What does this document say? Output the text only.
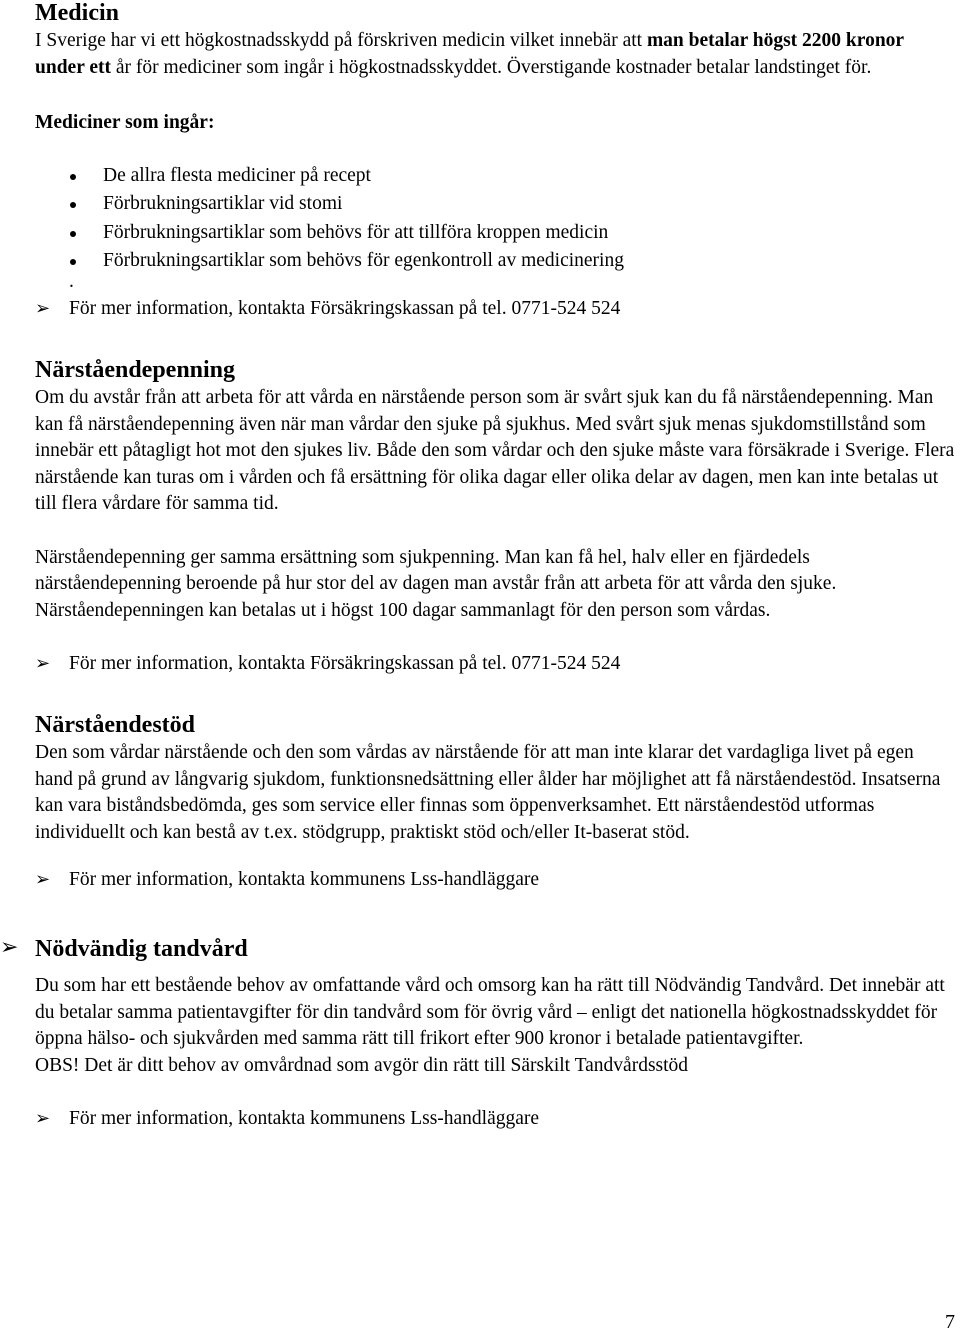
Medicin

I Sverige har vi ett högkostnadsskydd på förskriven medicin vilket innebär att man betalar högst 2200 kronor under ett år för mediciner som ingår i högkostnadsskyddet. Överstigande kostnader betalar landstinget för.

Mediciner som ingår:
De allra flesta mediciner på recept
Förbrukningsartiklar vid stomi
Förbrukningsartiklar som behövs för att tillföra kroppen medicin
Förbrukningsartiklar som behövs för egenkontroll av medicinering
.
➢ För mer information, kontakta Försäkringskassan på tel. 0771-524 524
Närståendepenning

Om du avstår från att arbeta för att vårda en närstående person som är svårt sjuk kan du få närståendepenning. Man kan få närståendepenning även när man vårdar den sjuke på sjukhus. Med svårt sjuk menas sjukdomstillstånd som innebär ett påtagligt hot mot den sjukes liv. Både den som vårdar och den sjuke måste vara försäkrade i Sverige. Flera närstående kan turas om i vården och få ersättning för olika dagar eller olika delar av dagen, men kan inte betalas ut till flera vårdare för samma tid.

Närståendepenning ger samma ersättning som sjukpenning. Man kan få hel, halv eller en fjärdedels närståendepenning beroende på hur stor del av dagen man avstår från att arbeta för att vårda den sjuke. Närståendepenningen kan betalas ut i högst 100 dagar sammanlagt för den person som vårdas.

➢ För mer information, kontakta Försäkringskassan på tel. 0771-524 524
Närståendestöd

Den som vårdar närstående och den som vårdas av närstående för att man inte klarar det vardagliga livet på egen hand på grund av långvarig sjukdom, funktionsnedsättning eller ålder har möjlighet att få närståendestöd. Insatserna kan vara biståndsbedömda, ges som service eller finnas som öppenverksamhet. Ett närståendestöd utformas individuellt och kan bestå av t.ex. stödgrupp, praktiskt stöd och/eller It-baserat stöd.

➢ För mer information, kontakta kommunens Lss-handläggare
➢ Nödvändig tandvård

Du som har ett bestående behov av omfattande vård och omsorg kan ha rätt till Nödvändig Tandvård. Det innebär att du betalar samma patientavgifter för din tandvård som för övrig vård – enligt det nationella högkostnadsskyddet för öppna hälso- och sjukvården med samma rätt till frikort efter 900 kronor i betalade patientavgifter.

OBS! Det är ditt behov av omvårdnad som avgör din rätt till Särskilt Tandvårdsstöd

➢ För mer information, kontakta kommunens Lss-handläggare
7
